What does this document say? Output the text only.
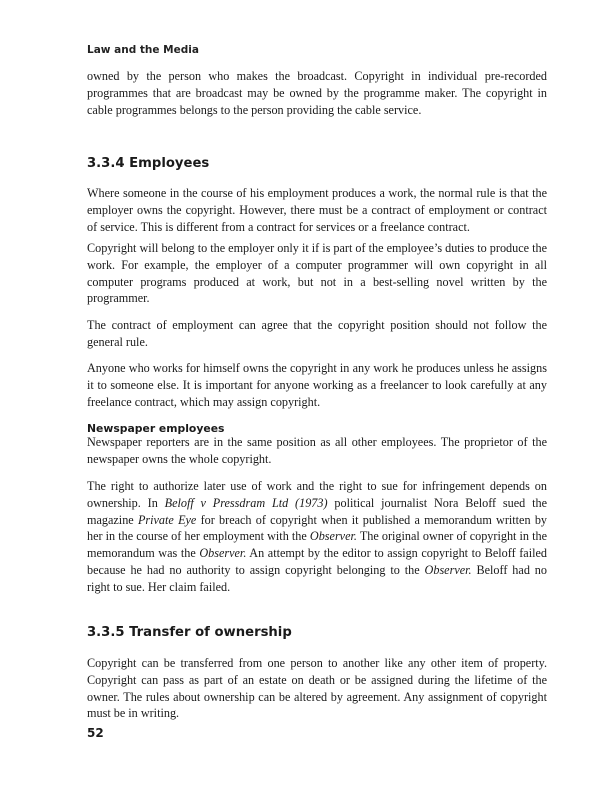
Law and the Media

owned by the person who makes the broadcast. Copyright in individual pre-recorded programmes that are broadcast may be owned by the programme maker. The copyright in cable programmes belongs to the person providing the cable service.

3.3.4 Employees

Where someone in the course of his employment produces a work, the normal rule is that the employer owns the copyright. However, there must be a contract of employment or contract of service. This is different from a contract for services or a freelance contract.

Copyright will belong to the employer only it if is part of the employee’s duties to produce the work. For example, the employer of a computer programmer will own copyright in all computer programs produced at work, but not in a best-selling novel written by the programmer.

The contract of employment can agree that the copyright position should not follow the general rule.

Anyone who works for himself owns the copyright in any work he produces unless he assigns it to someone else. It is important for anyone working as a freelancer to look carefully at any freelance contract, which may assign copyright.

Newspaper employees

Newspaper reporters are in the same position as all other employees. The proprietor of the newspaper owns the whole copyright.

The right to authorize later use of work and the right to sue for infringement depends on ownership. In Beloff v Pressdram Ltd (1973) political journalist Nora Beloff sued the magazine Private Eye for breach of copyright when it published a memorandum written by her in the course of her employment with the Observer. The original owner of copyright in the memorandum was the Observer. An attempt by the editor to assign copyright to Beloff failed because he had no authority to assign copyright belonging to the Observer. Beloff had no right to sue. Her claim failed.

3.3.5 Transfer of ownership

Copyright can be transferred from one person to another like any other item of property. Copyright can pass as part of an estate on death or be assigned during the lifetime of the owner. The rules about ownership can be altered by agreement. Any assignment of copyright must be in writing.

52
